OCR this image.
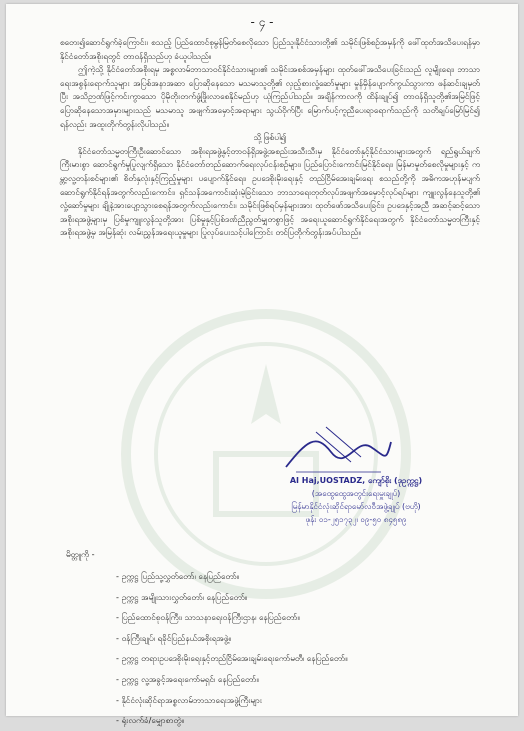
- ၄ -

စတေး၍ဆောင်ရွက်ခဲ့ကြောင်း၊ စသည့် ပြည်ထောင်စုမွန်မြတ်စေလိုသော ပြည်သူ၊နိုင်ငံသားတို့၏ သမိုင်းဖြစ်စဉ်အမှန်ကို ဖေါ်ထုတ်အသိပေးရန်မှာ နိုင်ငံတော်အစိုးရတွင် တာဝန်ရှိသည်ဟု ခံယူပါသည်။

ဤကဲ့သို့ နိုင်ငံတော်အစိုးရမှ အစ္စလာမ်ဘာသာဝင်နိုင်ငံသားများ၏ သမိုင်းအစစ်အမှန်များ ထုတ်ဖေါ်အသိပေးခြင်းသည် လူမျိုးရေး၊ ဘာသာရေးအစွန်းရောက်သူများ အပြစ်အနာအဆာ ပြောဆိုနေသော မသမာသူတို့၏ လှည့်စားလှုံ့ဆော်မှုများ မှုန်မှိန်ပျောက်ကွယ်သွားကာ ဖန်ဆင်းချမှတ်ပြီး အသိဉာဏ်ဖြင့်ကင်းကွာသော ပိုမိုတိုးတက်ဖွံ့ဖြိုးလာစေနိုင်မည်ဟု ယုံကြည်ပါသည်။ အချိန်ကာလကို ထိန်းချုပ်၍ တာဝန်ရှိသူတို့၏အမြင်ဖြင့် ပြောဆိုနေသောအမှားများသည် မသမာသူ အဖျက်အမှောင့်အရာများ သွယ်ဝိုက်ပြီး မြောက်ပင့်ကူညီပေးရာရောက်သည်ကို သတိချပ်မြော်မြင်၍ ရန်လည်း အထူးတိုက်တွန်းလိုပါသည်။

သို့ဖြစ်ပါ၍

နိုင်ငံတော်သမ္မတကြီးဦးဆောင်သော အစိုးရအဖွဲ့နှင့်တာဝန်ရှိအဖွဲ့အစည်းအသီးသီးမှ နိုင်ငံတော်နှင့်နိုင်ငံသားများအတွက် ရည်ရွယ်ချက်ကြီးမားစွာ ဆောင်ရွက်မှုပြုလျက်ရှိသော နိုင်ငံတော်တည်ဆောက်ရေးလုပ်ငန်းစဉ်များ၊ ပြည်ပြောင်းကောင်းမြင်နိုင်ရေး၊ မြန်မာမှုတ်စေလိုမှုများနှင့် ကမ္ဘာ့လူ့တန်းစင်များ၏ စိတ်နှလုံးနှင့်ကြည့်မှုများ ပပျောက်နိုင်ရေး၊ ဥပဒေစိုးမိုးရေးနှင့် တည်ငြိမ်အေးချမ်းရေး စသည်တို့ကို အဓိကအဟုန်မပျက် ဆောင်ရွက်နိုင်ရန်အတွက်လည်းကောင်း၊ ရှင်သန်အကောင်းဆုံးမဲ့ခြင်းသော ဘာသာရေးတုတ်လုပ်အဖျက်အမှောင့်လုပ်ရပ်များ ကျူးလွန်နေသူတို့၏ လှုံ့ဆော်မှုများ ချိုနဲ့အားပျော့သွားစေရန်အတွက်လည်းကောင်း၊ သမိုင်းဖြစ်ရပ်မှန်များအား ထုတ်ဖော်အသိပေးခြင်း၊ ဥပဒေနှင့်အညီ အဆင့်ဆင့်သောအစိုးရအဖွဲ့များမှ ပြစ်မှုကျူးလွန်သူတို့အား ပြစ်မှုနှင့်ပြစ်ဒဏ်ညီညွတ်မျှတစွာဖြင့် အရေးယူဆောင်ရွက်နိုင်ရေးအတွက် နိုင်ငံတော်သမ္မတကြီးနှင့်အစိုးရအဖွဲ့မှ အမြန်ဆုံး လမ်းညွှန်အရေးယူမှုများ ပြုလုပ်ပေးသင့်ပါကြောင်း တင်ပြတိုက်တွန်းအပ်ပါသည်။

AI Haj,UOSTADZ, ကျော်စိုး (ဒုဥက္ကဋ္ဌ)
(အထွေထွေအတွင်းရေးမှူးချုပ်)
မြန်မာနိုင်ငံလုံးဆိုင်ရာမော်လဝီအဖွဲ့ချုပ် (ဗဟို)
ဖုန်း ၀၁-၂၅၁၇၃၂၊ ၀၉-၅၀ ၈၄၅၈၉
မိတ္တူကို -
- ဥက္ကဋ္ဌ ပြည်သူ့လွှတ်တော်၊ နေပြည်တော်။
- ဥက္ကဋ္ဌ အမျိုးသားလွှတ်တော်၊ နေပြည်တော်။
- ပြည်ထောင်စုဝန်ကြီး၊ သာသနာရေးဝန်ကြီးဌာန၊ နေပြည်တော်။
- ဝန်ကြီးချုပ်၊ ရခိုင်ပြည်နယ်အစိုးရအဖွဲ့။
- ဥက္ကဋ္ဌ တရားဥပဒေစိုးမိုးရေးနှင့်တည်ငြိမ်အေးချမ်းရေးကော်မတီ၊ နေပြည်တော်။
- ဥက္ကဋ္ဌ လူ့အခွင့်အရေးကော်မရှင်၊ နေပြည်တော်။
- နိုင်ငံလုံးဆိုင်ရာအစ္စလာမ်ဘာသာရေးအဖွဲ့ကြီးများ
- ရုံးလက်ခံ/မျှောစာတွဲ။
